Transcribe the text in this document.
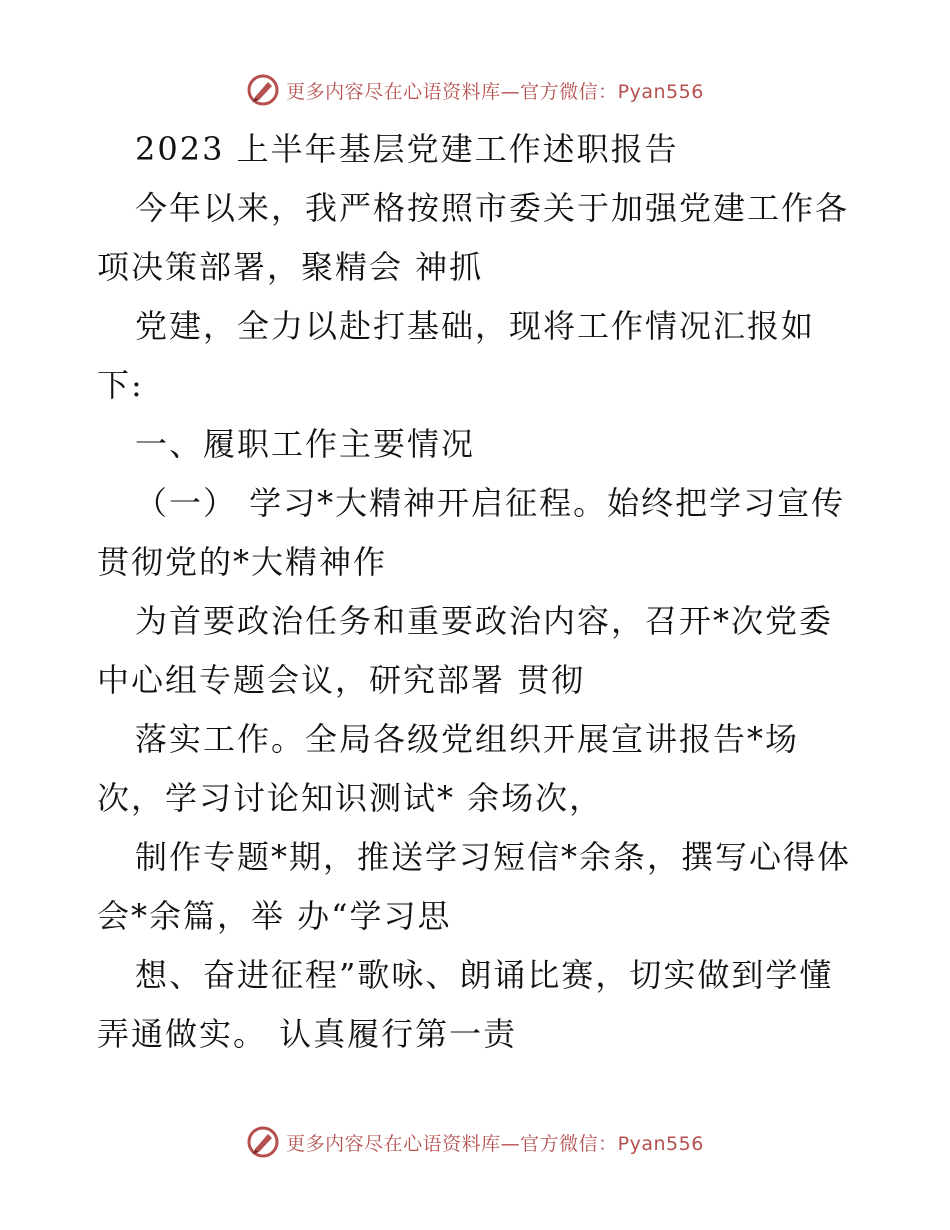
更多内容尽在心语资料库—官方微信：Pyan556
2023 上半年基层党建工作述职报告
今年以来，我严格按照市委关于加强党建工作各
项决策部署，聚精会 神抓
党建，全力以赴打基础，现将工作情况汇报如
下:
一、履职工作主要情况
（一） 学习*大精神开启征程。始终把学习宣传
贯彻党的*大精神作
为首要政治任务和重要政治内容，召开*次党委
中心组专题会议，研究部署 贯彻
落实工作。全局各级党组织开展宣讲报告*场
次，学习讨论知识测试* 余场次，
制作专题*期，推送学习短信*余条，撰写心得体
会*余篇，举 办“学习思
想、奋进征程”歌咏、朗诵比赛，切实做到学懂
弄通做实。 认真履行第一责
更多内容尽在心语资料库—官方微信：Pyan556
